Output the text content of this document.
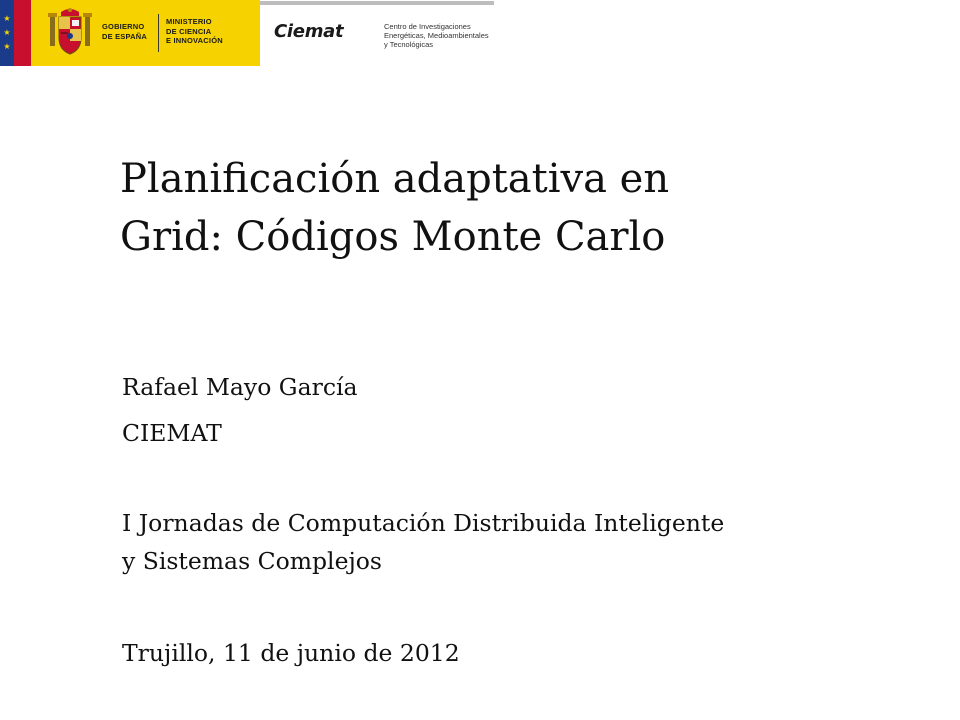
★
★
★
GOBIERNO
DE ESPAÑA
MINISTERIO
DE CIENCIA
E INNOVACIÓN	Ciemat	Centro de Investigaciones
Energéticas, Medioambientales
y Tecnológicas
Planificación adaptativa en
Grid: Códigos Monte Carlo
Rafael Mayo García
CIEMAT
I Jornadas de Computación Distribuida Inteligente
y Sistemas Complejos
Trujillo, 11 de junio de 2012
